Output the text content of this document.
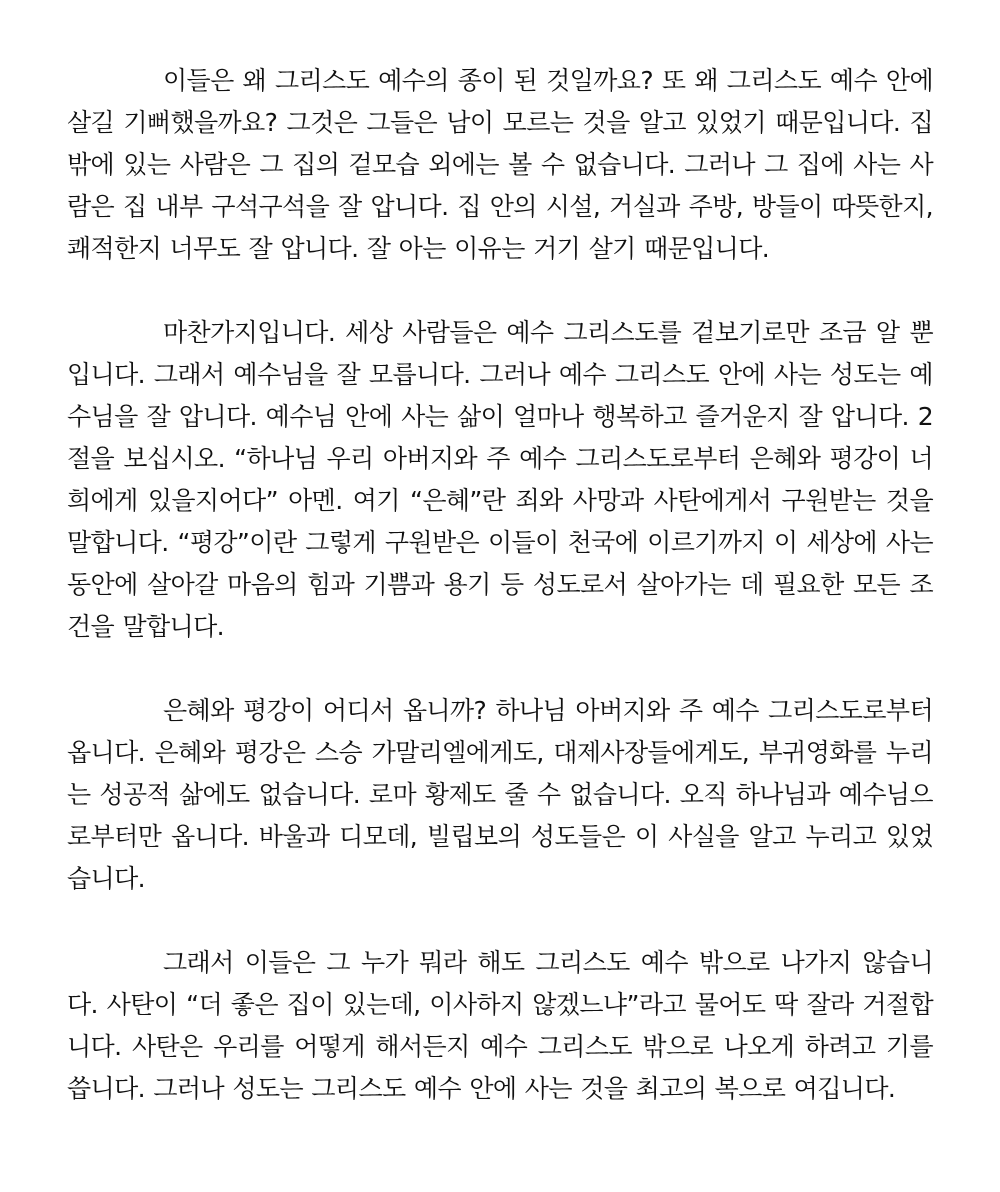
이들은 왜 그리스도 예수의 종이 된 것일까요? 또 왜 그리스도 예수 안에 살길 기뻐했을까요? 그것은 그들은 남이 모르는 것을 알고 있었기 때문입니다. 집 밖에 있는 사람은 그 집의 겉모습 외에는 볼 수 없습니다. 그러나 그 집에 사는 사람은 집 내부 구석구석을 잘 압니다. 집 안의 시설, 거실과 주방, 방들이 따뜻한지, 쾌적한지 너무도 잘 압니다. 잘 아는 이유는 거기 살기 때문입니다.

마찬가지입니다. 세상 사람들은 예수 그리스도를 겉보기로만 조금 알 뿐입니다. 그래서 예수님을 잘 모릅니다. 그러나 예수 그리스도 안에 사는 성도는 예수님을 잘 압니다. 예수님 안에 사는 삶이 얼마나 행복하고 즐거운지 잘 압니다. 2절을 보십시오. “하나님 우리 아버지와 주 예수 그리스도로부터 은혜와 평강이 너희에게 있을지어다” 아멘. 여기 “은혜”란 죄와 사망과 사탄에게서 구원받는 것을 말합니다. “평강”이란 그렇게 구원받은 이들이 천국에 이르기까지 이 세상에 사는 동안에 살아갈 마음의 힘과 기쁨과 용기 등 성도로서 살아가는 데 필요한 모든 조건을 말합니다.

은혜와 평강이 어디서 옵니까? 하나님 아버지와 주 예수 그리스도로부터 옵니다. 은혜와 평강은 스승 가말리엘에게도, 대제사장들에게도, 부귀영화를 누리는 성공적 삶에도 없습니다. 로마 황제도 줄 수 없습니다. 오직 하나님과 예수님으로부터만 옵니다. 바울과 디모데, 빌립보의 성도들은 이 사실을 알고 누리고 있었습니다.

그래서 이들은 그 누가 뭐라 해도 그리스도 예수 밖으로 나가지 않습니다. 사탄이 “더 좋은 집이 있는데, 이사하지 않겠느냐”라고 물어도 딱 잘라 거절합니다. 사탄은 우리를 어떻게 해서든지 예수 그리스도 밖으로 나오게 하려고 기를 씁니다. 그러나 성도는 그리스도 예수 안에 사는 것을 최고의 복으로 여깁니다.
